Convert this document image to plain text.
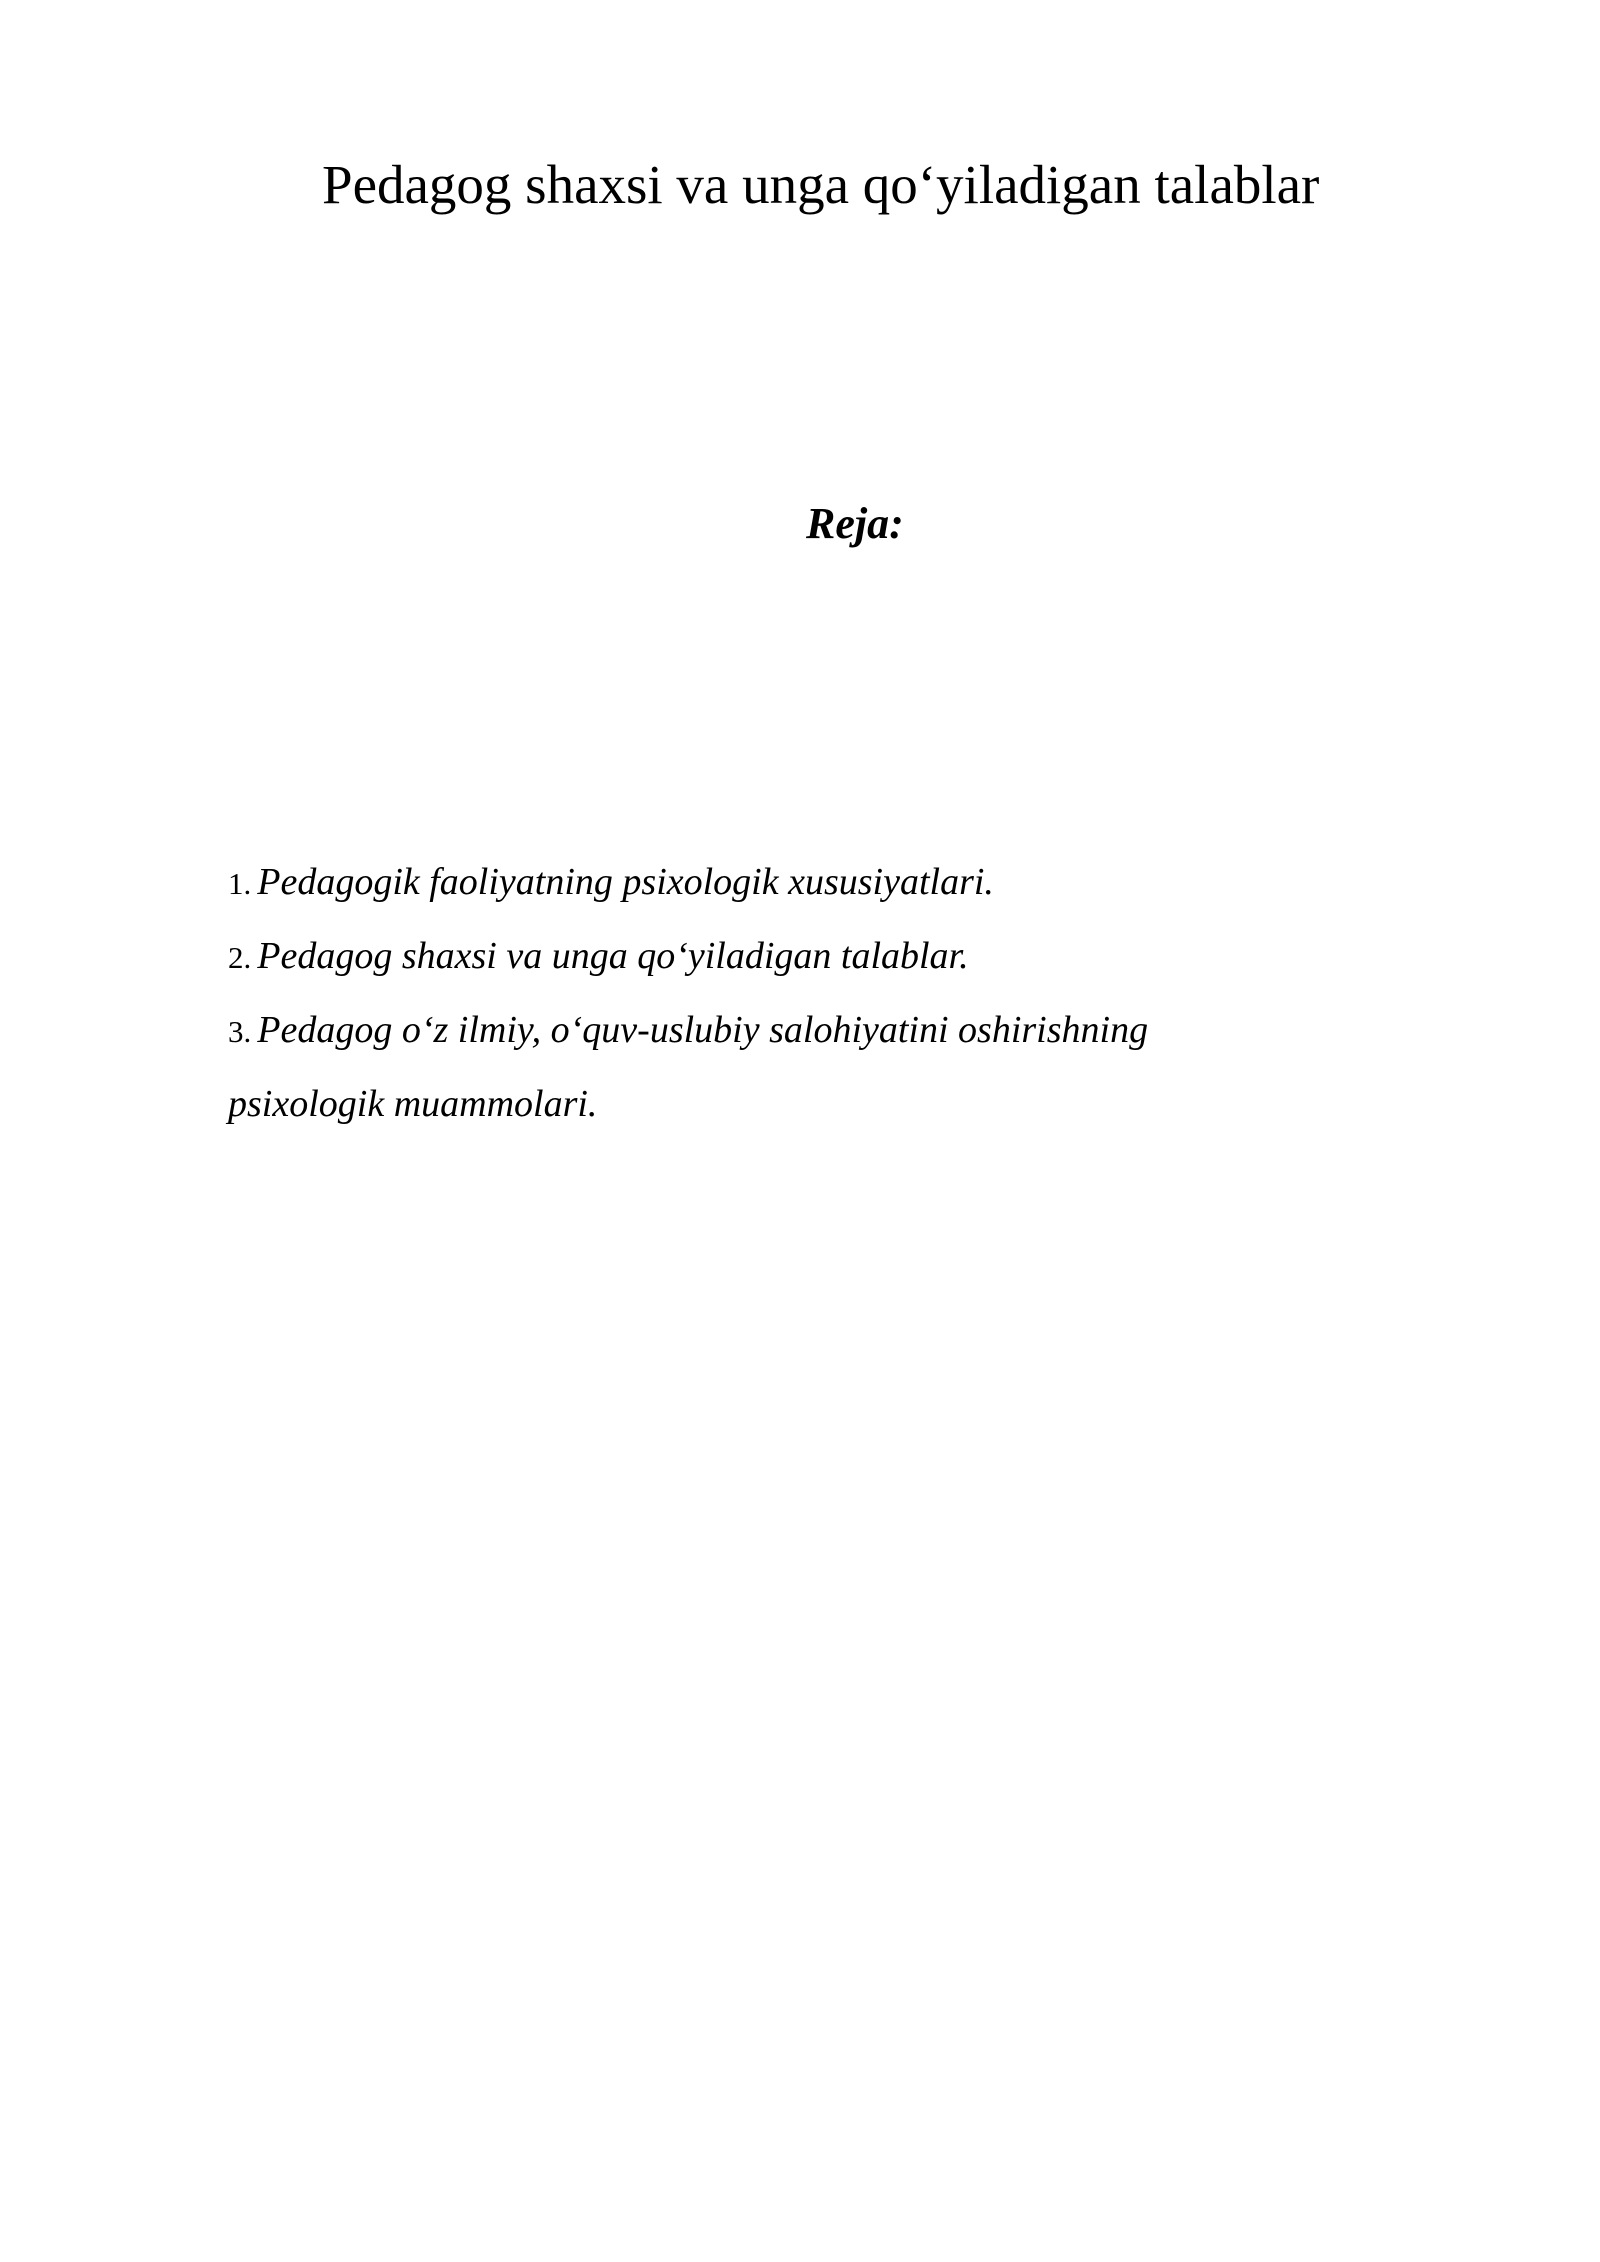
Pedagog shaxsi va unga qo‘yiladigan talablar
Reja:
1. Pedagogik faoliyatning psixologik xususiyatlari.
2. Pedagog shaxsi va unga qo‘yiladigan talablar.
3. Pedagog o‘z ilmiy, o‘quv-uslubiy salohiyatini oshirishning
psixologik muammolari.
